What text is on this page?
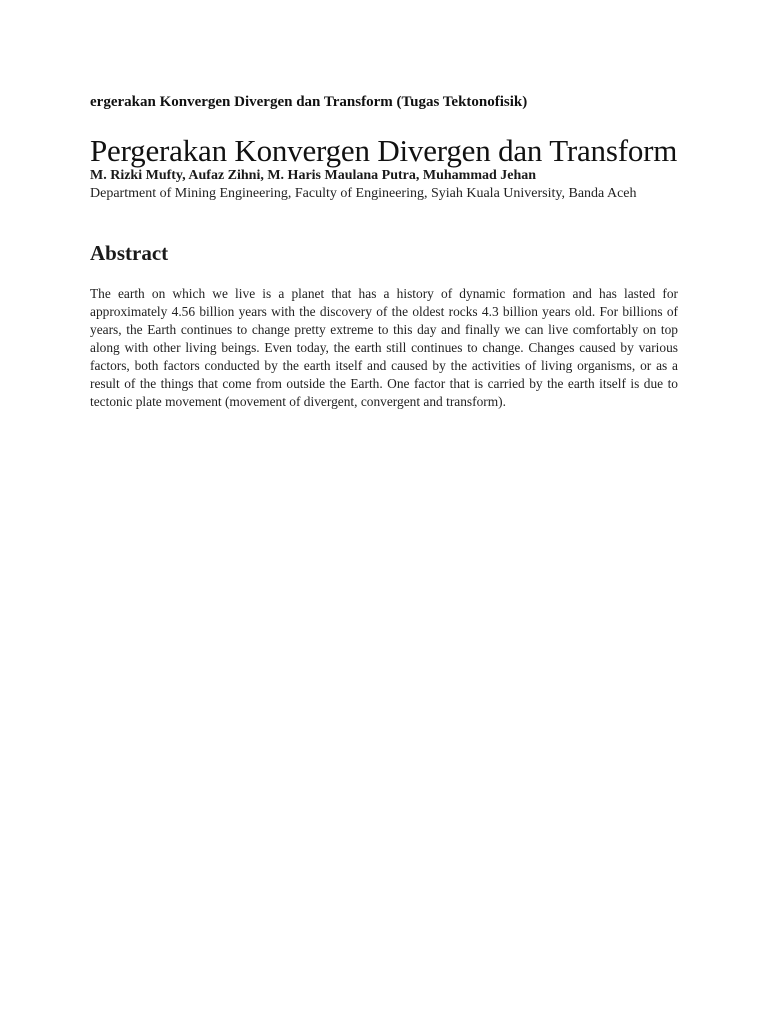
ergerakan Konvergen Divergen dan Transform (Tugas Tektonofisik)
Pergerakan Konvergen Divergen dan Transform
M. Rizki Mufty, Aufaz Zihni, M. Haris Maulana Putra, Muhammad Jehan
Department of Mining Engineering, Faculty of Engineering, Syiah Kuala University, Banda Aceh
Abstract

The earth on which we live is a planet that has a history of dynamic formation and has lasted for approximately 4.56 billion years with the discovery of the oldest rocks 4.3 billion years old. For billions of years, the Earth continues to change pretty extreme to this day and finally we can live comfortably on top along with other living beings. Even today, the earth still continues to change. Changes caused by various factors, both factors conducted by the earth itself and caused by the activities of living organisms, or as a result of the things that come from outside the Earth. One factor that is carried by the earth itself is due to tectonic plate movement (movement of divergent, convergent and transform).
